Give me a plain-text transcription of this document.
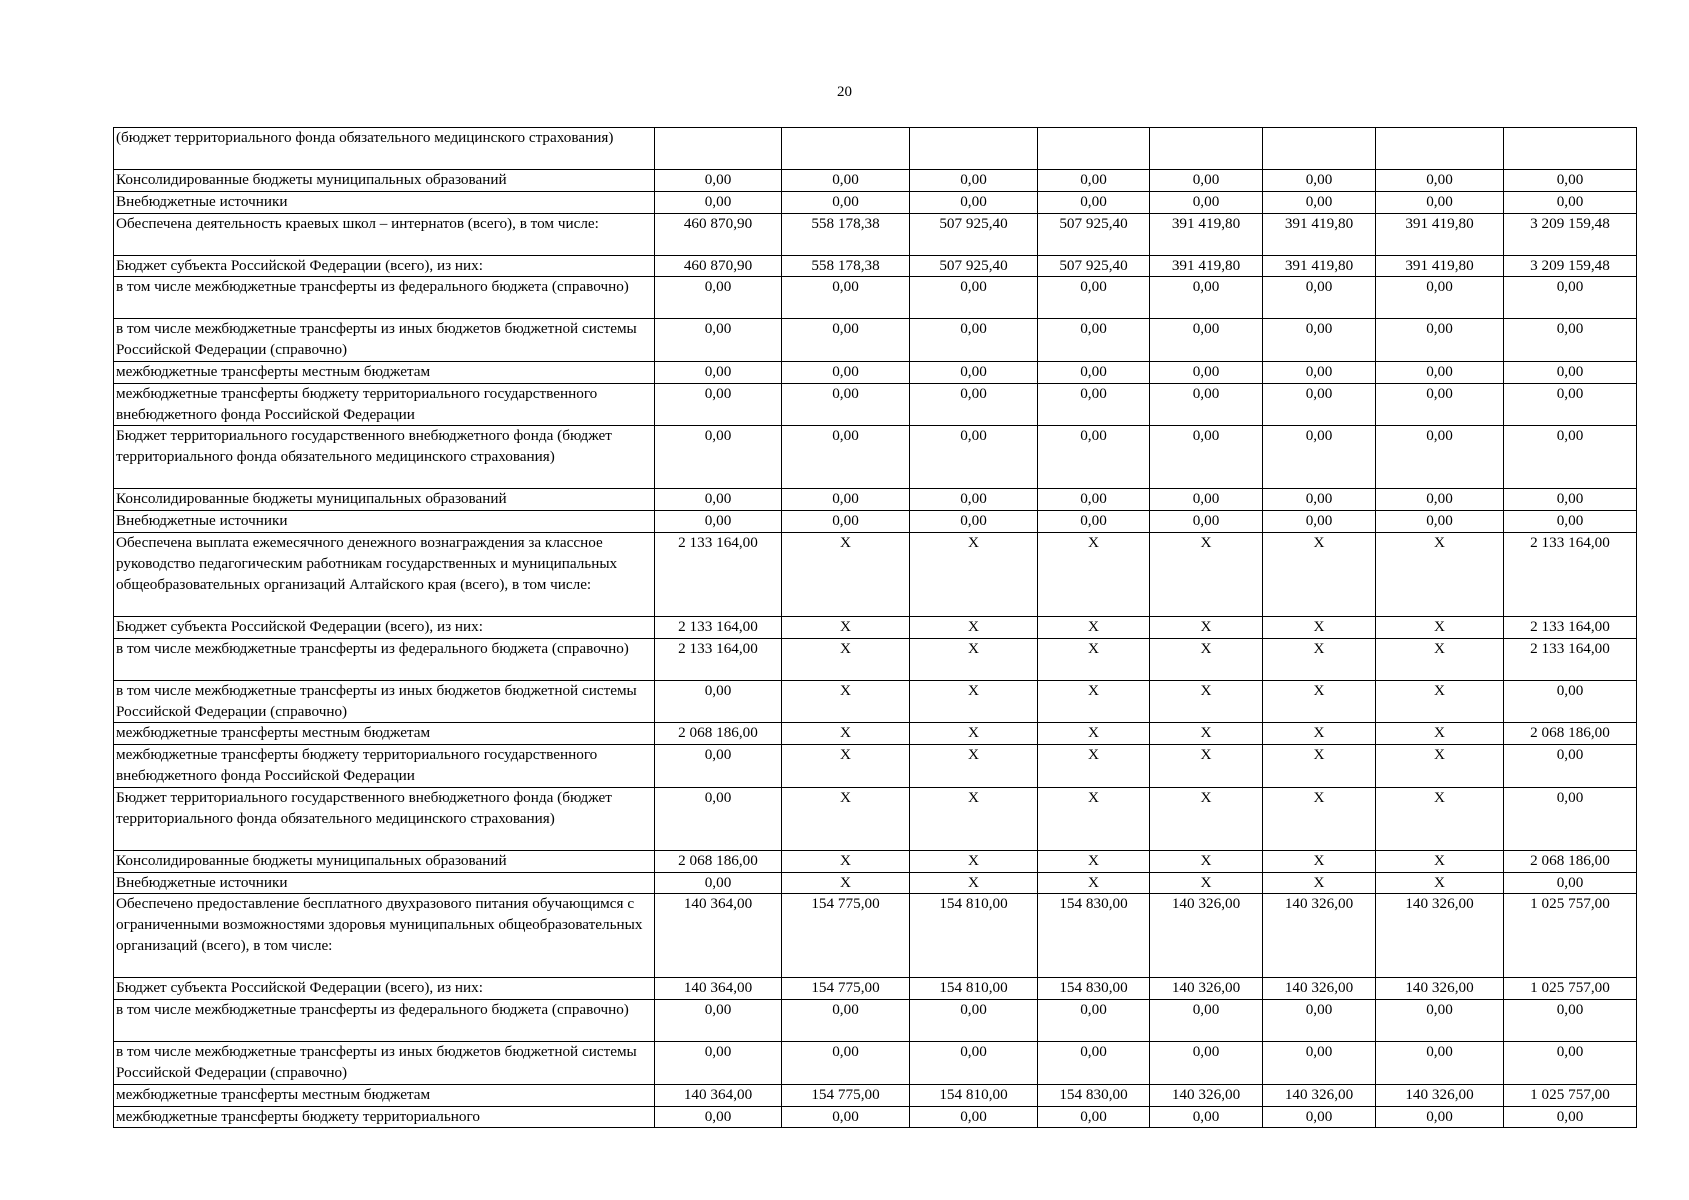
20
(бюджет территориального фонда обязательного медицинского страхования)								
Консолидированные бюджеты муниципальных образований	0,00	0,00	0,00	0,00	0,00	0,00	0,00	0,00
Внебюджетные источники	0,00	0,00	0,00	0,00	0,00	0,00	0,00	0,00
Обеспечена деятельность краевых школ – интернатов (всего), в том числе:	460 870,90	558 178,38	507 925,40	507 925,40	391 419,80	391 419,80	391 419,80	3 209 159,48
Бюджет субъекта Российской Федерации (всего), из них:	460 870,90	558 178,38	507 925,40	507 925,40	391 419,80	391 419,80	391 419,80	3 209 159,48
в том числе межбюджетные трансферты из федерального бюджета (справочно)	0,00	0,00	0,00	0,00	0,00	0,00	0,00	0,00
в том числе межбюджетные трансферты из иных бюджетов бюджетной системы Российской Федерации (справочно)	0,00	0,00	0,00	0,00	0,00	0,00	0,00	0,00
межбюджетные трансферты местным бюджетам	0,00	0,00	0,00	0,00	0,00	0,00	0,00	0,00
межбюджетные трансферты бюджету территориального государственного внебюджетного фонда Российской Федерации	0,00	0,00	0,00	0,00	0,00	0,00	0,00	0,00
Бюджет территориального государственного внебюджетного фонда (бюджет территориального фонда обязательного медицинского страхования)	0,00	0,00	0,00	0,00	0,00	0,00	0,00	0,00
Консолидированные бюджеты муниципальных образований	0,00	0,00	0,00	0,00	0,00	0,00	0,00	0,00
Внебюджетные источники	0,00	0,00	0,00	0,00	0,00	0,00	0,00	0,00
Обеспечена выплата ежемесячного денежного вознаграждения за классное руководство педагогическим работникам государственных и муниципальных общеобразовательных организаций Алтайского края (всего), в том числе:	2 133 164,00	X	X	X	X	X	X	2 133 164,00
Бюджет субъекта Российской Федерации (всего), из них:	2 133 164,00	X	X	X	X	X	X	2 133 164,00
в том числе межбюджетные трансферты из федерального бюджета (справочно)	2 133 164,00	X	X	X	X	X	X	2 133 164,00
в том числе межбюджетные трансферты из иных бюджетов бюджетной системы Российской Федерации (справочно)	0,00	X	X	X	X	X	X	0,00
межбюджетные трансферты местным бюджетам	2 068 186,00	X	X	X	X	X	X	2 068 186,00
межбюджетные трансферты бюджету территориального государственного внебюджетного фонда Российской Федерации	0,00	X	X	X	X	X	X	0,00
Бюджет территориального государственного внебюджетного фонда (бюджет территориального фонда обязательного медицинского страхования)	0,00	X	X	X	X	X	X	0,00
Консолидированные бюджеты муниципальных образований	2 068 186,00	X	X	X	X	X	X	2 068 186,00
Внебюджетные источники	0,00	X	X	X	X	X	X	0,00
Обеспечено предоставление бесплатного двухразового питания обучающимся с ограниченными возможностями здоровья муниципальных общеобразовательных организаций (всего), в том числе:	140 364,00	154 775,00	154 810,00	154 830,00	140 326,00	140 326,00	140 326,00	1 025 757,00
Бюджет субъекта Российской Федерации (всего), из них:	140 364,00	154 775,00	154 810,00	154 830,00	140 326,00	140 326,00	140 326,00	1 025 757,00
в том числе межбюджетные трансферты из федерального бюджета (справочно)	0,00	0,00	0,00	0,00	0,00	0,00	0,00	0,00
в том числе межбюджетные трансферты из иных бюджетов бюджетной системы Российской Федерации (справочно)	0,00	0,00	0,00	0,00	0,00	0,00	0,00	0,00
межбюджетные трансферты местным бюджетам	140 364,00	154 775,00	154 810,00	154 830,00	140 326,00	140 326,00	140 326,00	1 025 757,00
межбюджетные трансферты бюджету территориального	0,00	0,00	0,00	0,00	0,00	0,00	0,00	0,00
